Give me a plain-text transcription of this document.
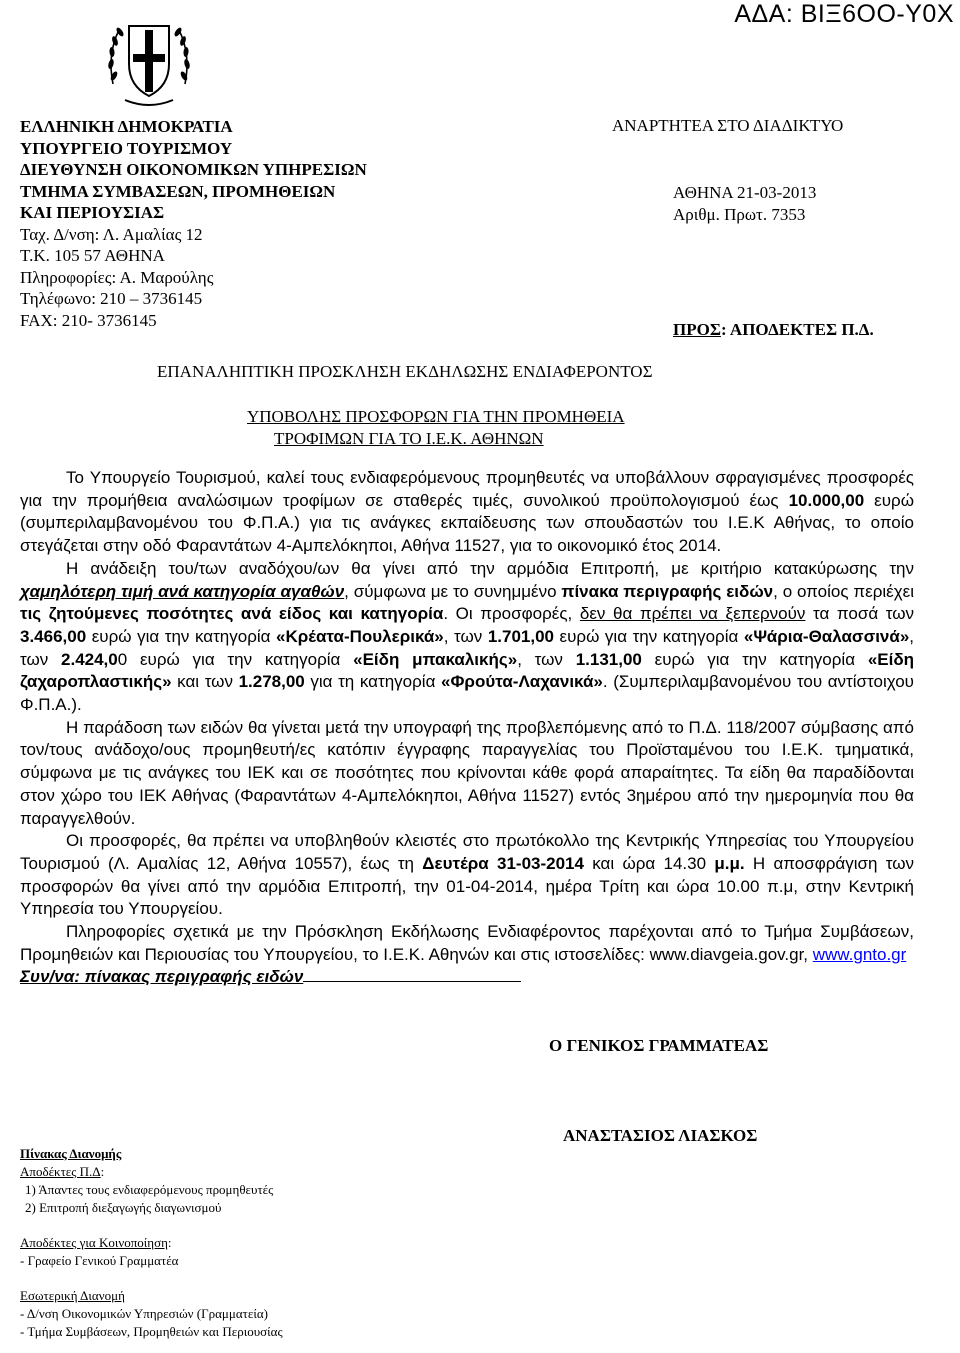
ΑΔΑ: ΒΙΞ6ΟΟ-Υ0Χ
ΕΛΛΗΝΙΚΗ ΔΗΜΟΚΡΑΤΙΑ
ΥΠΟΥΡΓΕΙΟ ΤΟΥΡΙΣΜΟΥ
ΔΙΕΥΘΥΝΣΗ ΟΙΚΟΝΟΜΙΚΩΝ ΥΠΗΡΕΣΙΩΝ
ΤΜΗΜΑ ΣΥΜΒΑΣΕΩΝ, ΠΡΟΜΗΘΕΙΩΝ
ΚΑΙ ΠΕΡΙΟΥΣΙΑΣ
Ταχ. Δ/νση: Λ. Αμαλίας 12
Τ.Κ. 105 57 ΑΘΗΝΑ
Πληροφορίες: Α. Μαρούλης
Τηλέφωνο: 210 – 3736145
FAX: 210- 3736145
ΑΝΑΡΤΗΤΕΑ ΣΤΟ ΔΙΑΔΙΚΤΥΟ
ΑΘΗΝΑ 21-03-2013
Αριθμ. Πρωτ. 7353
ΠΡΟΣ: ΑΠΟΔΕΚΤΕΣ Π.Δ.
ΕΠΑΝΑΛΗΠΤΙΚΗ ΠΡΟΣΚΛΗΣΗ ΕΚΔΗΛΩΣΗΣ ΕΝΔΙΑΦΕΡΟΝΤΟΣ
ΥΠΟΒΟΛΗΣ ΠΡΟΣΦΟΡΩΝ ΓΙΑ ΤΗΝ ΠΡΟΜΗΘΕΙΑ
ΤΡΟΦΙΜΩΝ ΓΙΑ ΤΟ Ι.Ε.Κ. ΑΘΗΝΩΝ

Το Υπουργείο Τουρισμού, καλεί τους ενδιαφερόμενους προμηθευτές να υποβάλλουν σφραγισμένες προσφορές για την προμήθεια αναλώσιμων τροφίμων σε σταθερές τιμές, συνολικού προϋπολογισμού έως 10.000,00 ευρώ (συμπεριλαμβανομένου του Φ.Π.Α.) για τις ανάγκες εκπαίδευσης των σπουδαστών του Ι.Ε.Κ Αθήνας, το οποίο στεγάζεται στην οδό Φαραντάτων 4-Αμπελόκηποι, Αθήνα 11527, για το οικονομικό έτος 2014.

Η ανάδειξη του/των αναδόχου/ων θα γίνει από την αρμόδια Επιτροπή, με κριτήριο κατακύρωσης την χαμηλότερη τιμή ανά κατηγορία αγαθών, σύμφωνα με το συνημμένο πίνακα περιγραφής ειδών, ο οποίος περιέχει τις ζητούμενες ποσότητες ανά είδος και κατηγορία. Οι προσφορές, δεν θα πρέπει να ξεπερνούν τα ποσά των 3.466,00 ευρώ για την κατηγορία «Κρέατα-Πουλερικά», των 1.701,00 ευρώ για την κατηγορία «Ψάρια-Θαλασσινά», των 2.424,00 ευρώ για την κατηγορία «Είδη μπακαλικής», των 1.131,00 ευρώ για την κατηγορία «Είδη ζαχαροπλαστικής» και των 1.278,00 για τη κατηγορία «Φρούτα-Λαχανικά». (Συμπεριλαμβανομένου του αντίστοιχου Φ.Π.Α.).

Η παράδοση των ειδών θα γίνεται μετά την υπογραφή της προβλεπόμενης από το Π.Δ. 118/2007 σύμβασης από τον/τους ανάδοχο/ους προμηθευτή/ες κατόπιν έγγραφης παραγγελίας του Προϊσταμένου του Ι.Ε.Κ. τμηματικά, σύμφωνα με τις ανάγκες του ΙΕΚ και σε ποσότητες που κρίνονται κάθε φορά απαραίτητες. Τα είδη θα παραδίδονται στον χώρο του ΙΕΚ Αθήνας (Φαραντάτων 4-Αμπελόκηποι, Αθήνα 11527) εντός 3ημέρου από την ημερομηνία που θα παραγγελθούν.

Οι προσφορές, θα πρέπει να υποβληθούν κλειστές στο πρωτόκολλο της Κεντρικής Υπηρεσίας του Υπουργείου Τουρισμού (Λ. Αμαλίας 12, Αθήνα 10557), έως τη Δευτέρα 31-03-2014 και ώρα 14.30 μ.μ. Η αποσφράγιση των προσφορών θα γίνει από την αρμόδια Επιτροπή, την 01-04-2014, ημέρα Τρίτη και ώρα 10.00 π.μ, στην Κεντρική Υπηρεσία του Υπουργείου.

Πληροφορίες σχετικά με την Πρόσκληση Εκδήλωσης Ενδιαφέροντος παρέχονται από το Τμήμα Συμβάσεων, Προμηθειών και Περιουσίας του Υπουργείου, το Ι.Ε.Κ. Αθηνών και στις ιστοσελίδες: www.diavgeia.gov.gr, www.gnto.gr

Συν/να: πίνακας περιγραφής ειδών

Ο ΓΕΝΙΚΟΣ ΓΡΑΜΜΑΤΕΑΣ
ΑΝΑΣΤΑΣΙΟΣ ΛΙΑΣΚΟΣ
Πίνακας Διανομής
Αποδέκτες Π.Δ:
1) Άπαντες τους ενδιαφερόμενους προμηθευτές
2) Επιτροπή διεξαγωγής διαγωνισμού
Αποδέκτες για Κοινοποίηση:
- Γραφείο Γενικού Γραμματέα
Εσωτερική Διανομή
- Δ/νση Οικονομικών Υπηρεσιών (Γραμματεία)
- Τμήμα Συμβάσεων, Προμηθειών και Περιουσίας
